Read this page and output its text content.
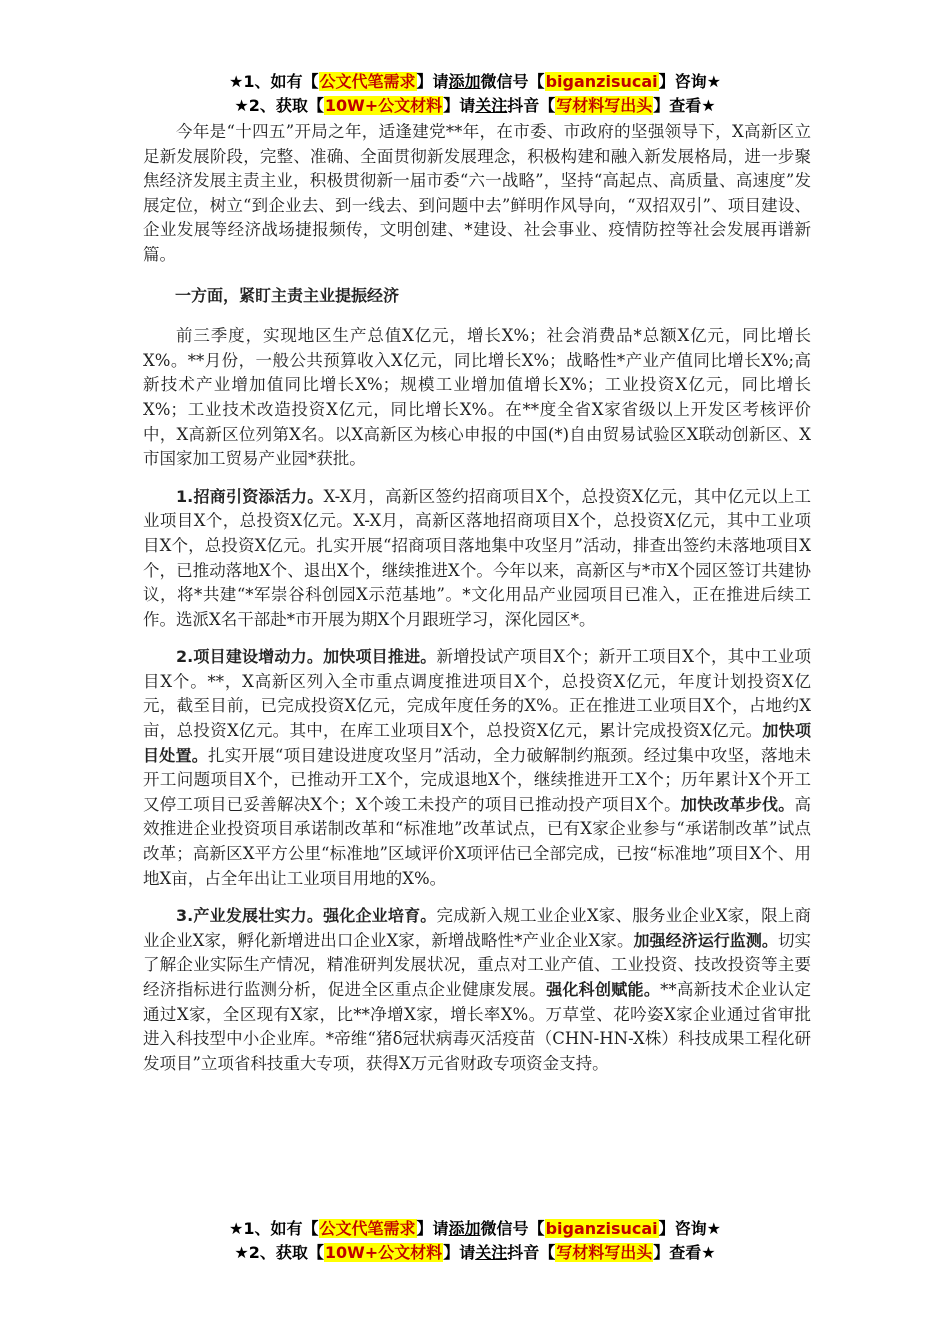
★1、如有【公文代笔需求】请添加微信号【biganzisucai】咨询★
★2、获取【10W+公文材料】请关注抖音【写材料写出头】查看★

今年是“十四五”开局之年，适逢建党**年，在市委、市政府的坚强领导下，X高新区立足新发展阶段，完整、准确、全面贯彻新发展理念，积极构建和融入新发展格局，进一步聚焦经济发展主责主业，积极贯彻新一届市委“六一战略”，坚持“高起点、高质量、高速度”发展定位，树立“到企业去、到一线去、到问题中去”鲜明作风导向，“双招双引”、项目建设、企业发展等经济战场捷报频传，文明创建、*建设、社会事业、疫情防控等社会发展再谱新篇。

一方面，紧盯主责主业提振经济

前三季度，实现地区生产总值X亿元，增长X%；社会消费品*总额X亿元，同比增长X%。**月份，一般公共预算收入X亿元，同比增长X%；战略性*产业产值同比增长X%;高新技术产业增加值同比增长X%；规模工业增加值增长X%；工业投资X亿元，同比增长X%；工业技术改造投资X亿元，同比增长X%。在**度全省X家省级以上开发区考核评价中，X高新区位列第X名。以X高新区为核心申报的中国(*)自由贸易试验区X联动创新区、X市国家加工贸易产业园*获批。

1.招商引资添活力。X-X月，高新区签约招商项目X个，总投资X亿元，其中亿元以上工业项目X个，总投资X亿元。X-X月，高新区落地招商项目X个，总投资X亿元，其中工业项目X个，总投资X亿元。扎实开展“招商项目落地集中攻坚月”活动，排查出签约未落地项目X个，已推动落地X个、退出X个，继续推进X个。今年以来，高新区与*市X个园区签订共建协议，将*共建“*军崇谷科创园X示范基地”。*文化用品产业园项目已准入，正在推进后续工作。选派X名干部赴*市开展为期X个月跟班学习，深化园区*。

2.项目建设增动力。加快项目推进。新增投试产项目X个；新开工项目X个，其中工业项目X个。**，X高新区列入全市重点调度推进项目X个，总投资X亿元，年度计划投资X亿元，截至目前，已完成投资X亿元，完成年度任务的X%。正在推进工业项目X个，占地约X亩，总投资X亿元。其中，在库工业项目X个，总投资X亿元，累计完成投资X亿元。加快项目处置。扎实开展“项目建设进度攻坚月”活动，全力破解制约瓶颈。经过集中攻坚，落地未开工问题项目X个，已推动开工X个，完成退地X个，继续推进开工X个；历年累计X个开工又停工项目已妥善解决X个；X个竣工未投产的项目已推动投产项目X个。加快改革步伐。高效推进企业投资项目承诺制改革和“标准地”改革试点，已有X家企业参与“承诺制改革”试点改革；高新区X平方公里“标准地”区域评价X项评估已全部完成，已按“标准地”项目X个、用地X亩，占全年出让工业项目用地的X%。

3.产业发展壮实力。强化企业培育。完成新入规工业企业X家、服务业企业X家，限上商业企业X家，孵化新增进出口企业X家，新增战略性*产业企业X家。加强经济运行监测。切实了解企业实际生产情况，精准研判发展状况，重点对工业产值、工业投资、技改投资等主要经济指标进行监测分析，促进全区重点企业健康发展。强化科创赋能。**高新技术企业认定通过X家，全区现有X家，比**净增X家，增长率X%。万草堂、花吟姿X家企业通过省审批进入科技型中小企业库。*帝维“猪δ冠状病毒灭活疫苗（CHN-HN-X株）科技成果工程化研发项目”立项省科技重大专项，获得X万元省财政专项资金支持。

★1、如有【公文代笔需求】请添加微信号【biganzisucai】咨询★
★2、获取【10W+公文材料】请关注抖音【写材料写出头】查看★
